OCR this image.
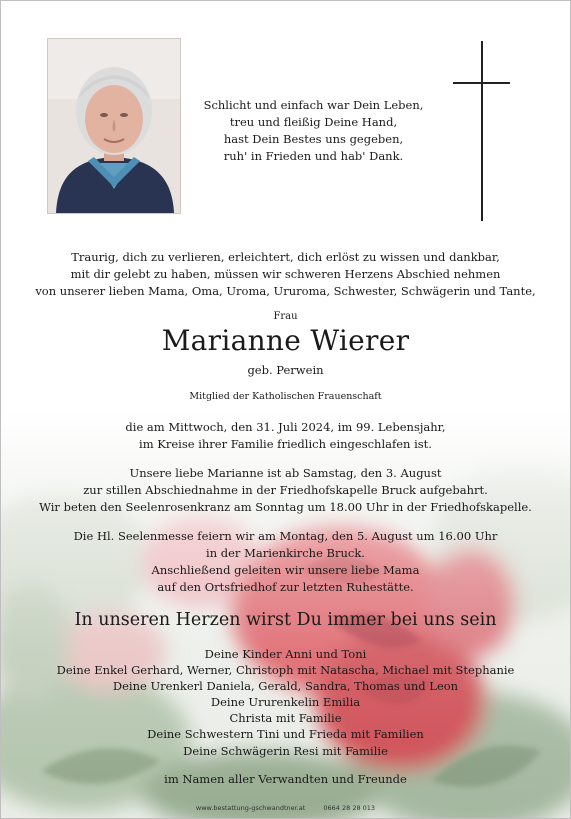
Schlicht und einfach war Dein Leben,
treu und fleißig Deine Hand,
hast Dein Bestes uns gegeben,
ruh' in Frieden und hab' Dank.
Traurig, dich zu verlieren, erleichtert, dich erlöst zu wissen und dankbar,
mit dir gelebt zu haben, müssen wir schweren Herzens Abschied nehmen
von unserer lieben Mama, Oma, Uroma, Ururoma, Schwester, Schwägerin und Tante,
Frau
Marianne Wierer
geb. Perwein
Mitglied der Katholischen Frauenschaft
die am Mittwoch, den 31. Juli 2024, im 99. Lebensjahr,
im Kreise ihrer Familie friedlich eingeschlafen ist.
Unsere liebe Marianne ist ab Samstag, den 3. August
zur stillen Abschiednahme in der Friedhofskapelle Bruck aufgebahrt.
Wir beten den Seelenrosenkranz am Sonntag um 18.00 Uhr in der Friedhofskapelle.
Die Hl. Seelenmesse feiern wir am Montag, den 5. August um 16.00 Uhr
in der Marienkirche Bruck.
Anschließend geleiten wir unsere liebe Mama
auf den Ortsfriedhof zur letzten Ruhestätte.
In unseren Herzen wirst Du immer bei uns sein
Deine Kinder Anni und Toni
Deine Enkel Gerhard, Werner, Christoph mit Natascha, Michael mit Stephanie
Deine Urenkerl Daniela, Gerald, Sandra, Thomas und Leon
Deine Ururenkelin Emilia
Christa mit Familie
Deine Schwestern Tini und Frieda mit Familien
Deine Schwägerin Resi mit Familie
im Namen aller Verwandten und Freunde
www.bestattung-gschwandtner.at	0664 28 28 013
